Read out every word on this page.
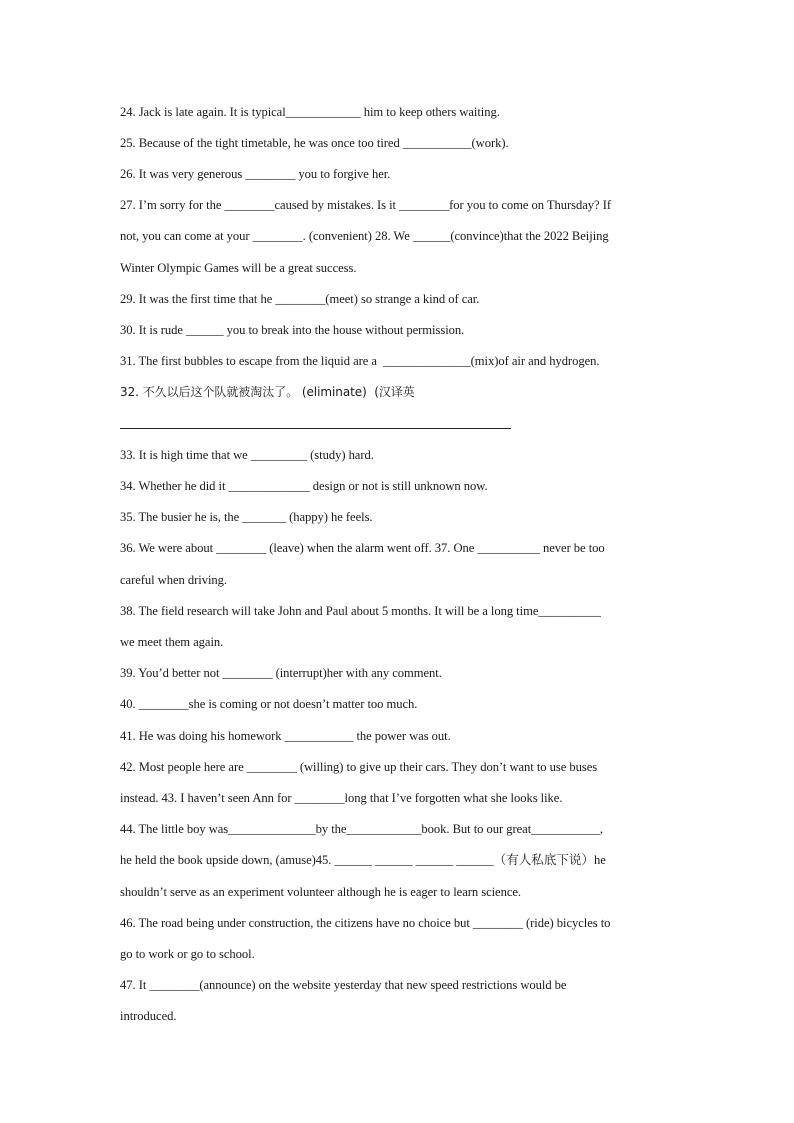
24. Jack is late again. It is typical____________ him to keep others waiting.
25. Because of the tight timetable, he was once too tired ___________(work).
26. It was very generous ________ you to forgive her.
27. I’m sorry for the ________caused by mistakes. Is it ________for you to come on Thursday? If
not, you can come at your ________. (convenient) 28. We ______(convince)that the 2022 Beijing
Winter Olympic Games will be a great success.
29. It was the first time that he ________(meet) so strange a kind of car.
30. It is rude ______ you to break into the house without permission.
31. The first bubbles to escape from the liquid are a  ______________(mix)of air and hydrogen.
32. 不久以后这个队就被淘汰了。 (eliminate)  (汉译英
33. It is high time that we _________ (study) hard.
34. Whether he did it _____________ design or not is still unknown now.
35. The busier he is, the _______ (happy) he feels.
36. We were about ________ (leave) when the alarm went off. 37. One __________ never be too
careful when driving.
38. The field research will take John and Paul about 5 months. It will be a long time__________
we meet them again.
39. You’d better not ________ (interrupt)her with any comment.
40. ________she is coming or not doesn’t matter too much.
41. He was doing his homework ___________ the power was out.
42. Most people here are ________ (willing) to give up their cars. They don’t want to use buses
instead. 43. I haven’t seen Ann for ________long that I’ve forgotten what she looks like.
44. The little boy was______________by the____________book. But to our great___________,
he held the book upside down, (amuse)45. ______ ______ ______ ______（有人私底下说）he
shouldn’t serve as an experiment volunteer although he is eager to learn science.
46. The road being under construction, the citizens have no choice but ________ (ride) bicycles to
go to work or go to school.
47. It ________(announce) on the website yesterday that new speed restrictions would be
introduced.
